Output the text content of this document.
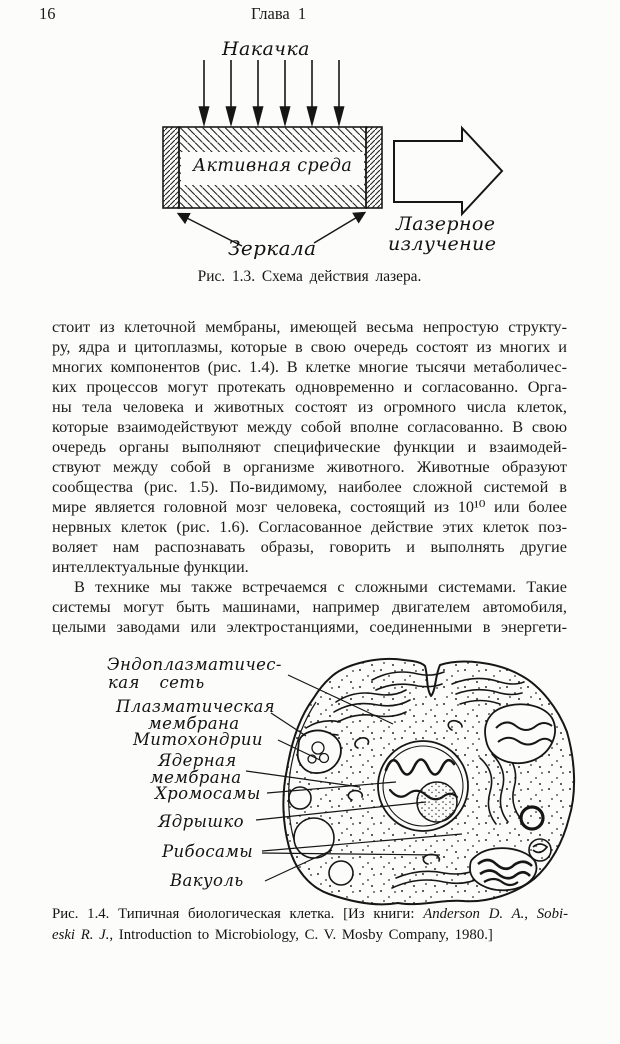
16	Глава 1
Накачка
Активная среда
Лазерное
излучение
Зеркала
Рис. 1.3. Схема действия лазера.
стоит из клеточной мембраны, имеющей весьма непростую структу-
ру, ядра и цитоплазмы, которые в свою очередь состоят из многих и
многих компонентов (рис. 1.4). В клетке многие тысячи метаболичес-
ких процессов могут протекать одновременно и согласованно. Орга-
ны тела человека и животных состоят из огромного числа клеток,
которые взаимодействуют между собой вполне согласованно. В свою
очередь органы выполняют специфические функции и взаимодей-
ствуют между собой в организме животного. Животные образуют
сообщества (рис. 1.5). По-видимому, наиболее сложной системой в
мире является головной мозг человека, состоящий из 10¹⁰ или более
нервных клеток (рис. 1.6). Согласованное действие этих клеток поз-
воляет нам распознавать образы, говорить и выполнять другие
интеллектуальные функции.
В технике мы также встречаемся с сложными системами. Такие
системы могут быть машинами, например двигателем автомобиля,
целыми заводами или электростанциями, соединенными в энергети-
Эндоплазматичес-
кая сеть
Плазматическая
мембрана
Митохондрии
Ядерная
мембрана
Хромосамы
Ядрышко
Рибосамы
Вакуоль
Рис. 1.4. Типичная биологическая клетка. [Из книги: Anderson D. A., Sobi-
eski R. J., Introduction to Microbiology, C. V. Mosby Company, 1980.]
